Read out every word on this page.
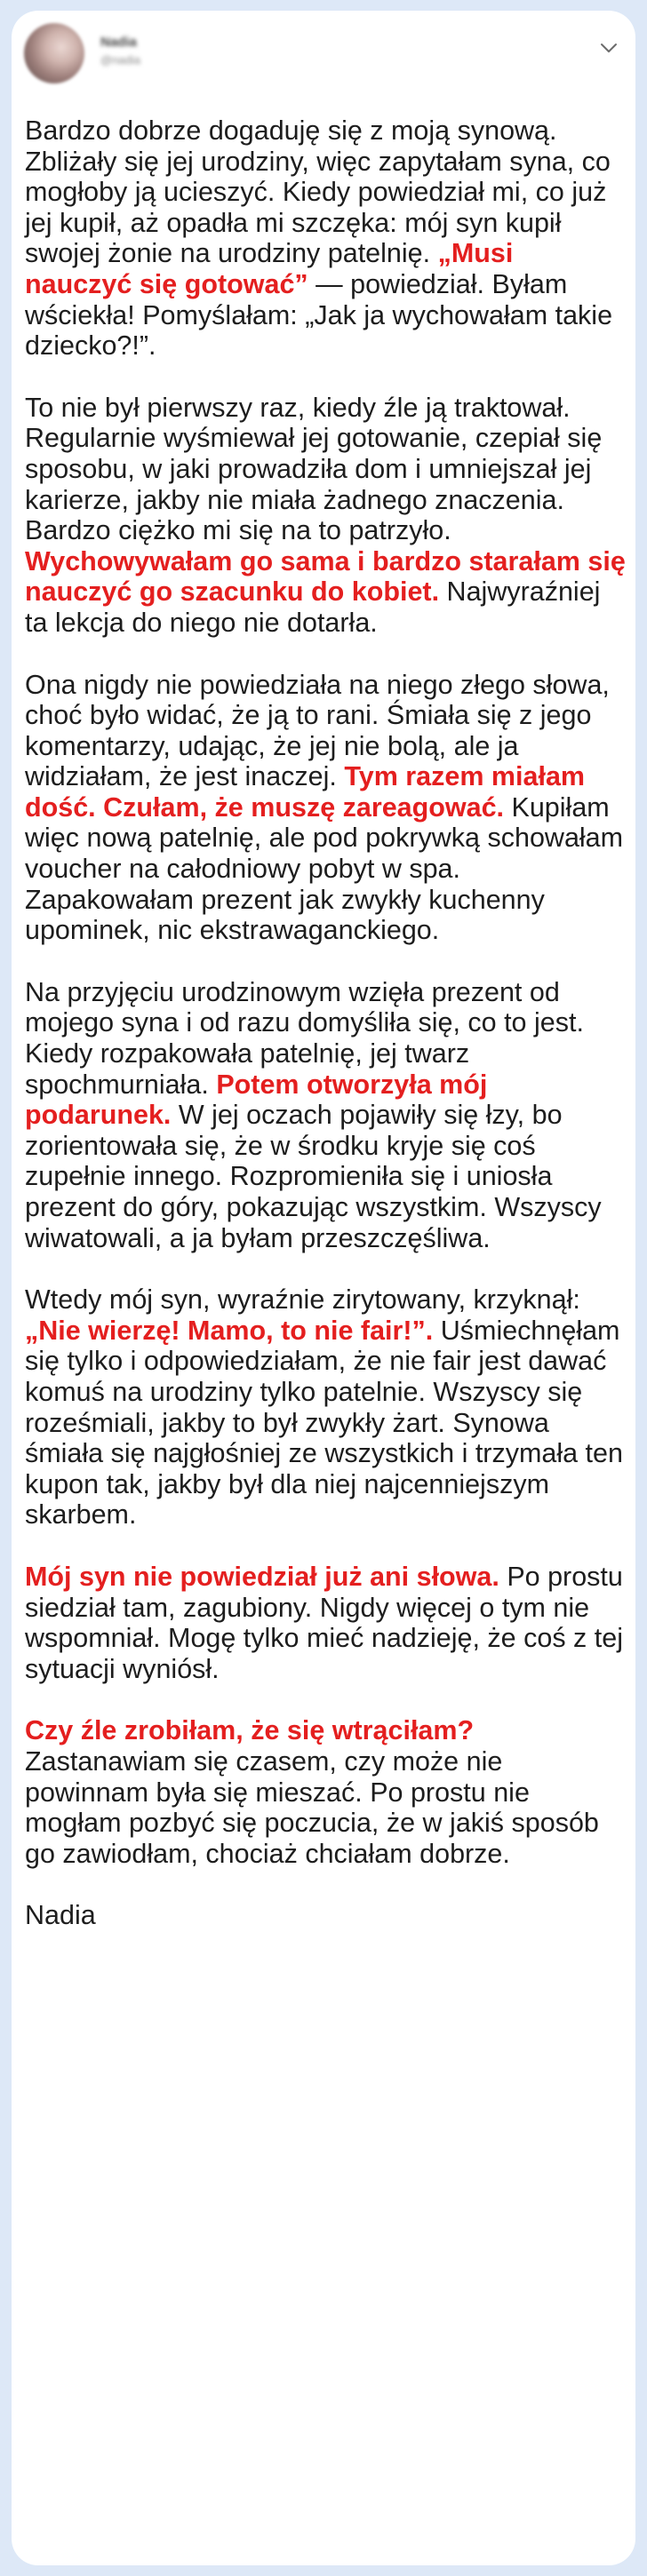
Nadia
@nadia

Bardzo dobrze dogaduję się z moją synową. Zbliżały się jej urodziny, więc zapytałam syna, co mogłoby ją ucieszyć. Kiedy powiedział mi, co już jej kupił, aż opadła mi szczęka: mój syn kupił swojej żonie na urodziny patelnię. „Musi nauczyć się gotować” — powiedział. Byłam wściekła! Pomyślałam: „Jak ja wychowałam takie dziecko?!”.

To nie był pierwszy raz, kiedy źle ją traktował. Regularnie wyśmiewał jej gotowanie, czepiał się sposobu, w jaki prowadziła dom i umniejszał jej karierze, jakby nie miała żadnego znaczenia. Bardzo ciężko mi się na to patrzyło. Wychowywałam go sama i bardzo starałam się nauczyć go szacunku do kobiet. Najwyraźniej ta lekcja do niego nie dotarła.

Ona nigdy nie powiedziała na niego złego słowa, choć było widać, że ją to rani. Śmiała się z jego komentarzy, udając, że jej nie bolą, ale ja widziałam, że jest inaczej. Tym razem miałam dość. Czułam, że muszę zareagować. Kupiłam więc nową patelnię, ale pod pokrywką schowałam voucher na całodniowy pobyt w spa. Zapakowałam prezent jak zwykły kuchenny upominek, nic ekstrawaganckiego.

Na przyjęciu urodzinowym wzięła prezent od mojego syna i od razu domyśliła się, co to jest. Kiedy rozpakowała patelnię, jej twarz spochmurniała. Potem otworzyła mój podarunek. W jej oczach pojawiły się łzy, bo zorientowała się, że w środku kryje się coś zupełnie innego. Rozpromieniła się i uniosła prezent do góry, pokazując wszystkim. Wszyscy wiwatowali, a ja byłam przeszczęśliwa.

Wtedy mój syn, wyraźnie zirytowany, krzyknął: „Nie wierzę! Mamo, to nie fair!”. Uśmiechnęłam się tylko i odpowiedziałam, że nie fair jest dawać komuś na urodziny tylko patelnie. Wszyscy się roześmiali, jakby to był zwykły żart. Synowa śmiała się najgłośniej ze wszystkich i trzymała ten kupon tak, jakby był dla niej najcenniejszym skarbem.

Mój syn nie powiedział już ani słowa. Po prostu siedział tam, zagubiony. Nigdy więcej o tym nie wspomniał. Mogę tylko mieć nadzieję, że coś z tej sytuacji wyniósł.

Czy źle zrobiłam, że się wtrąciłam? Zastanawiam się czasem, czy może nie powinnam była się mieszać. Po prostu nie mogłam pozbyć się poczucia, że w jakiś sposób go zawiodłam, chociaż chciałam dobrze.

Nadia
